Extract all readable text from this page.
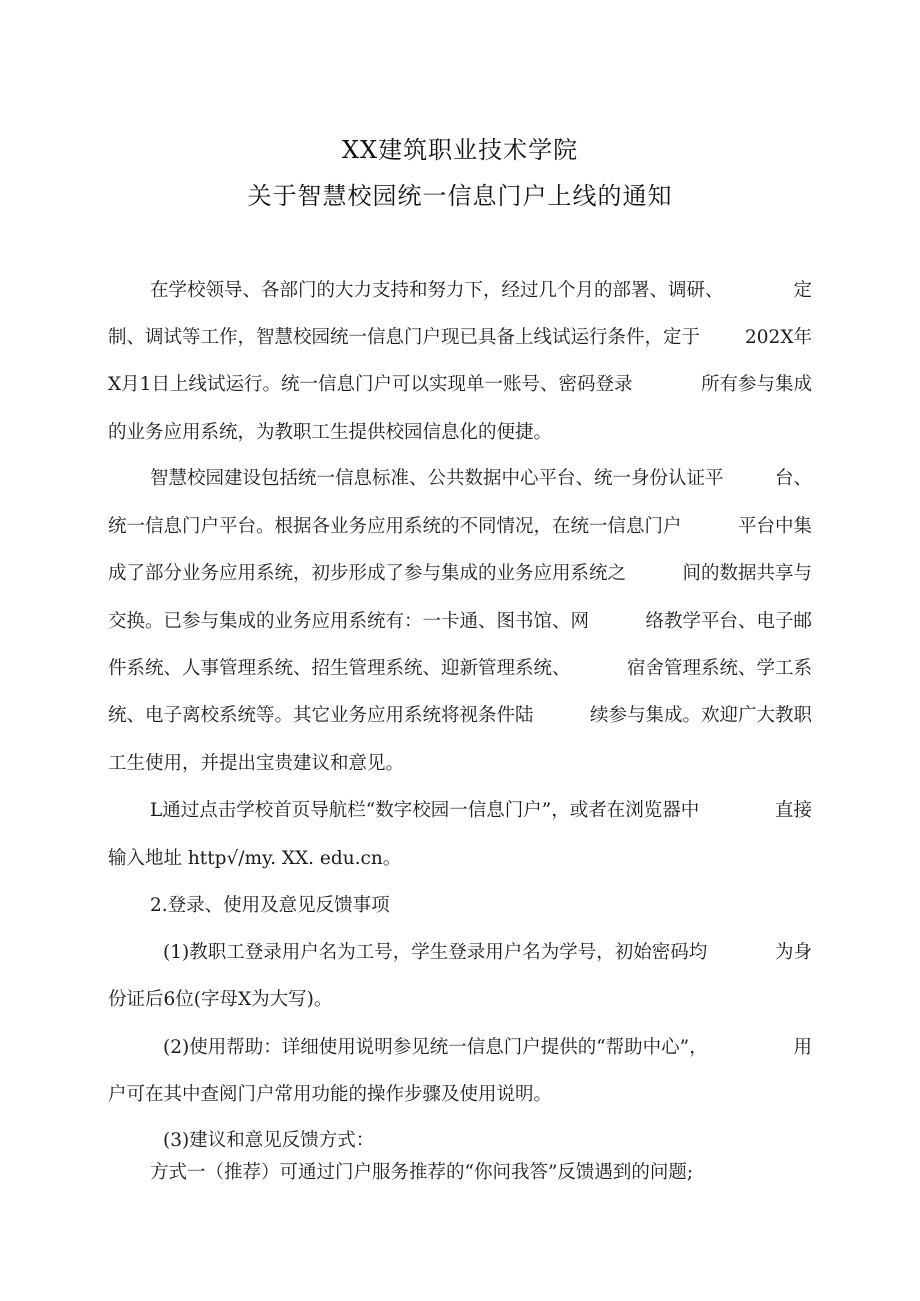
XX建筑职业技术学院
关于智慧校园统一信息门户上线的通知
在学校领导、各部门的大力支持和努力下，经过几个月的部署、调研、	定
制、调试等工作，智慧校园统一信息门户现已具备上线试运行条件，定于 202X年
X月1日上线试运行。统一信息门户可以实现单一账号、密码登录	所有参与集成
的业务应用系统，为教职工生提供校园信息化的便捷。
智慧校园建设包括统一信息标准、公共数据中心平台、统一身份认证平	台、
统一信息门户平台。根据各业务应用系统的不同情况，在统一信息门户	平台中集
成了部分业务应用系统，初步形成了参与集成的业务应用系统之	间的数据共享与
交换。已参与集成的业务应用系统有：一卡通、图书馆、网	络教学平台、电子邮
件系统、人事管理系统、招生管理系统、迎新管理系统、	宿舍管理系统、学工系
统、电子离校系统等。其它业务应用系统将视条件陆	续参与集成。欢迎广大教职
工生使用，并提出宝贵建议和意见。
L通过点击学校首页导航栏“数字校园一信息门户”，或者在浏览器中	直接
输入地址 http√/my. XX. edu.cn。
2.登录、使用及意见反馈事项
(1)教职工登录用户名为工号，学生登录用户名为学号，初始密码均	为身
份证后6位(字母X为大写)。
(2)使用帮助：详细使用说明参见统一信息门户提供的“帮助中心”，	用
户可在其中查阅门户常用功能的操作步骤及使用说明。
(3)建议和意见反馈方式：
方式一（推荐）可通过门户服务推荐的“你问我答”反馈遇到的问题;
